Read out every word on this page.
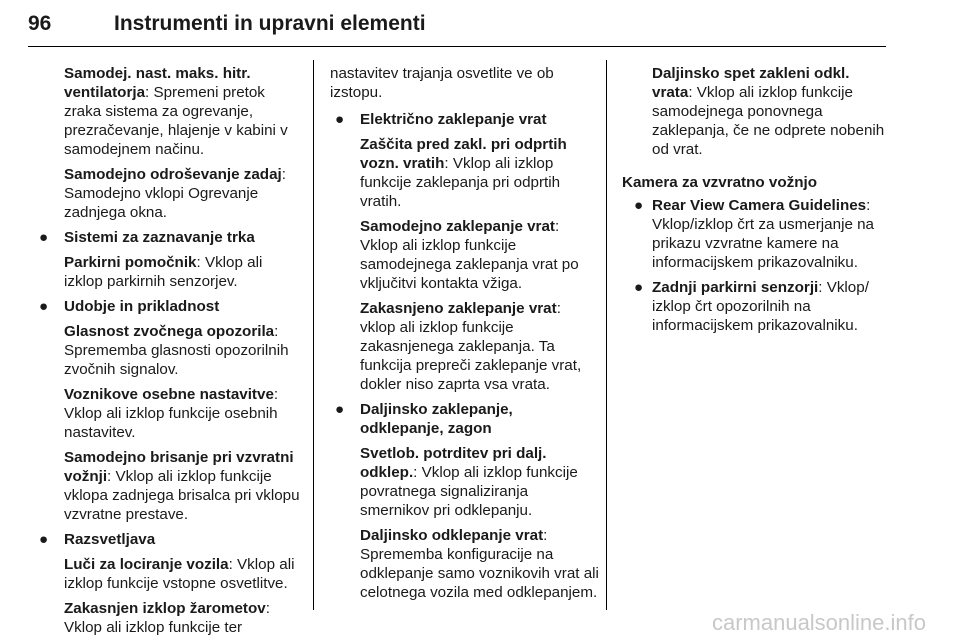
96	Instrumenti in upravni elementi
Samodej. nast. maks. hitr. ventilatorja: Spremeni pretok zraka sistema za ogrevanje, prezračevanje, hlajenje v kabini v samodejnem načinu.
Samodejno odroševanje zadaj: Samodejno vklopi Ogrevanje zadnjega okna.
● Sistemi za zaznavanje trka
Parkirni pomočnik: Vklop ali izklop parkirnih senzorjev.
● Udobje in prikladnost
Glasnost zvočnega opozorila: Sprememba glasnosti opozorilnih zvočnih signalov.
Voznikove osebne nastavitve: Vklop ali izklop funkcije osebnih nastavitev.
Samodejno brisanje pri vzvratni vožnji: Vklop ali izklop funkcije vklopa zadnjega brisalca pri vklopu vzvratne prestave.
● Razsvetljava
Luči za lociranje vozila: Vklop ali izklop funkcije vstopne osvetlitve.
Zakasnjen izklop žarometov: Vklop ali izklop funkcije ter
nastavitev trajanja osvetlite ve ob izstopu.
● Električno zaklepanje vrat
Zaščita pred zakl. pri odprtih vozn. vratih: Vklop ali izklop funkcije zaklepanja pri odprtih vratih.
Samodejno zaklepanje vrat: Vklop ali izklop funkcije samodejnega zaklepanja vrat po vključitvi kontakta vžiga.
Zakasnjeno zaklepanje vrat: vklop ali izklop funkcije zakasnjenega zaklepanja. Ta funkcija prepreči zaklepanje vrat, dokler niso zaprta vsa vrata.
● Daljinsko zaklepanje, odklepanje, zagon
Svetlob. potrditev pri dalj. odklep.: Vklop ali izklop funkcije povratnega signaliziranja smernikov pri odklepanju.
Daljinsko odklepanje vrat: Sprememba konfiguracije na odklepanje samo voznikovih vrat ali celotnega vozila med odklepanjem.
Daljinsko spet zakleni odkl. vrata: Vklop ali izklop funkcije samodejnega ponovnega zaklepanja, če ne odprete nobenih od vrat.
Kamera za vzvratno vožnjo
● Rear View Camera Guidelines: Vklop/izklop črt za usmerjanje na prikazu vzvratne kamere na informacijskem prikazovalniku.
● Zadnji parkirni senzorji: Vklop/ izklop črt opozorilnih na informacijskem prikazovalniku.
carmanualsonline.info
